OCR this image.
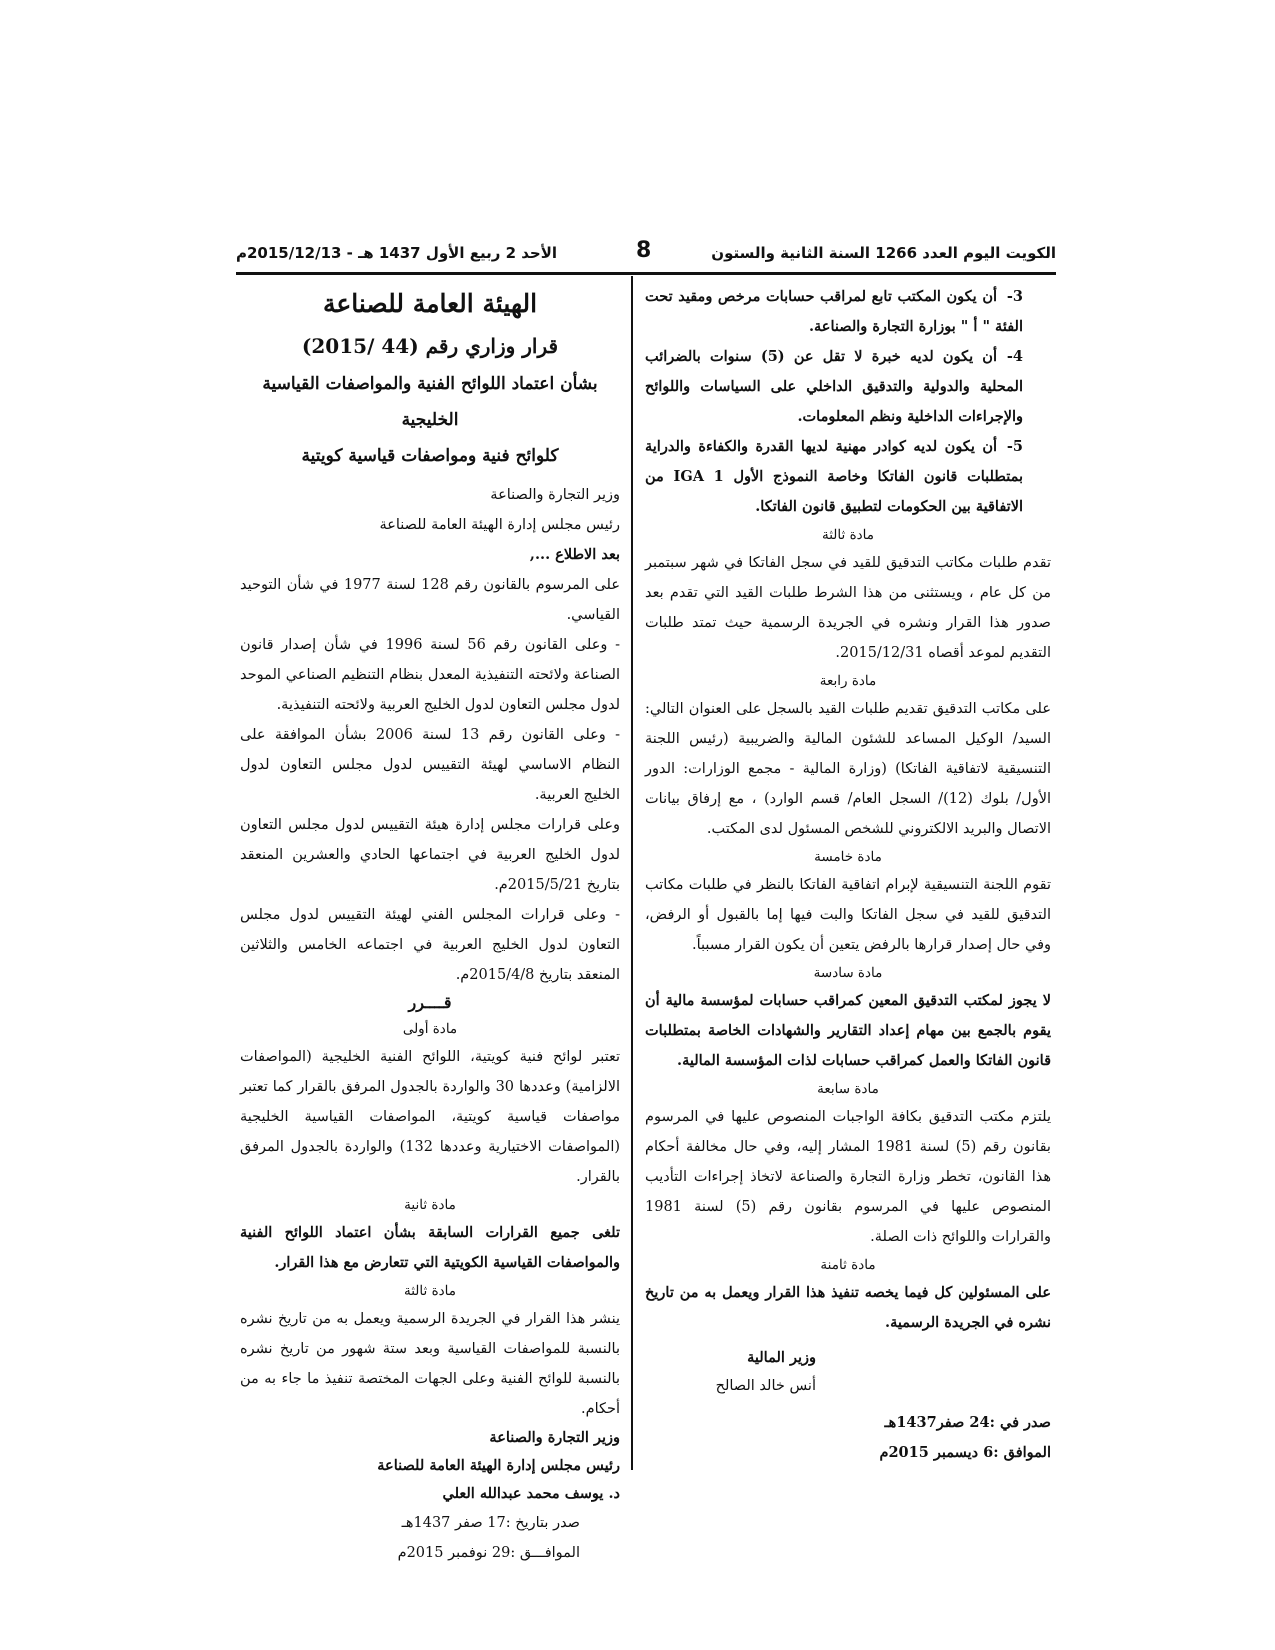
الأحد 2 ربيع الأول 1437 هـ - 2015/12/13م	8	الكويت اليوم العدد 1266 السنة الثانية والستون

3-أن يكون المكتب تابع لمراقب حسابات مرخص ومقيد تحت الفئة " أ " بوزارة التجارة والصناعة.

4-أن يكون لديه خبرة لا تقل عن (5) سنوات بالضرائب المحلية والدولية والتدقيق الداخلي على السياسات واللوائح والإجراءات الداخلية ونظم المعلومات.

5-أن يكون لديه كوادر مهنية لديها القدرة والكفاءة والدراية بمتطلبات قانون الفاتكا وخاصة النموذج الأول IGA 1 من الاتفاقية بين الحكومات لتطبيق قانون الفاتكا.

مادة ثالثة

تقدم طلبات مكاتب التدقيق للقيد في سجل الفاتكا في شهر سبتمبر من كل عام ، ويستثنى من هذا الشرط طلبات القيد التي تقدم بعد صدور هذا القرار ونشره في الجريدة الرسمية حيث تمتد طلبات التقديم لموعد أقصاه 2015/12/31.

مادة رابعة

على مكاتب التدقيق تقديم طلبات القيد بالسجل على العنوان التالي: السيد/ الوكيل المساعد للشئون المالية والضريبية (رئيس اللجنة التنسيقية لاتفاقية الفاتكا) (وزارة المالية - مجمع الوزارات: الدور الأول/ بلوك (12)/ السجل العام/ قسم الوارد) ، مع إرفاق بيانات الاتصال والبريد الالكتروني للشخص المسئول لدى المكتب.

مادة خامسة

تقوم اللجنة التنسيقية لإبرام اتفاقية الفاتكا بالنظر في طلبات مكاتب التدقيق للقيد في سجل الفاتكا والبت فيها إما بالقبول أو الرفض، وفي حال إصدار قرارها بالرفض يتعين أن يكون القرار مسبباً.

مادة سادسة

لا يجوز لمكتب التدقيق المعين كمراقب حسابات لمؤسسة مالية أن يقوم بالجمع بين مهام إعداد التقارير والشهادات الخاصة بمتطلبات قانون الفاتكا والعمل كمراقب حسابات لذات المؤسسة المالية.

مادة سابعة

يلتزم مكتب التدقيق بكافة الواجبات المنصوص عليها في المرسوم بقانون رقم (5) لسنة 1981 المشار إليه، وفي حال مخالفة أحكام هذا القانون، تخطر وزارة التجارة والصناعة لاتخاذ إجراءات التأديب المنصوص عليها في المرسوم بقانون رقم (5) لسنة 1981 والقرارات واللوائح ذات الصلة.

مادة ثامنة

على المسئولين كل فيما يخصه تنفيذ هذا القرار ويعمل به من تاريخ نشره في الجريدة الرسمية.

وزير المالية

أنس خالد الصالح

صدر في :24 صفر1437هـ

الموافق :6 ديسمبر 2015م

الهيئة العامة للصناعة

قرار وزاري رقم (44 /2015)

بشأن اعتماد اللوائح الفنية والمواصفات القياسية الخليجية

كلوائح فنية ومواصفات قياسية كويتية

وزير التجارة والصناعة

رئيس مجلس إدارة الهيئة العامة للصناعة

بعد الاطلاع ...,

على المرسوم بالقانون رقم 128 لسنة 1977 في شأن التوحيد القياسي.

- وعلى القانون رقم 56 لسنة 1996 في شأن إصدار قانون الصناعة ولائحته التنفيذية المعدل بنظام التنظيم الصناعي الموحد لدول مجلس التعاون لدول الخليج العربية ولائحته التنفيذية.

- وعلى القانون رقم 13 لسنة 2006 بشأن الموافقة على النظام الاساسي لهيئة التقييس لدول مجلس التعاون لدول الخليج العربية.

وعلى قرارات مجلس إدارة هيئة التقييس لدول مجلس التعاون لدول الخليج العربية في اجتماعها الحادي والعشرين المنعقد بتاريخ 2015/5/21م.

- وعلى قرارات المجلس الفني لهيئة التقييس لدول مجلس التعاون لدول الخليج العربية في اجتماعه الخامس والثلاثين المنعقد بتاريخ 2015/4/8م.

قــــرر

مادة أولى

تعتبر لوائح فنية كويتية، اللوائح الفنية الخليجية (المواصفات الالزامية) وعددها 30 والواردة بالجدول المرفق بالقرار كما تعتبر مواصفات قياسية كويتية، المواصفات القياسية الخليجية (المواصفات الاختيارية وعددها 132) والواردة بالجدول المرفق بالقرار.

مادة ثانية

تلغى جميع القرارات السابقة بشأن اعتماد اللوائح الفنية والمواصفات القياسية الكويتية التي تتعارض مع هذا القرار.

مادة ثالثة

ينشر هذا القرار في الجريدة الرسمية ويعمل به من تاريخ نشره بالنسبة للمواصفات القياسية وبعد ستة شهور من تاريخ نشره بالنسبة للوائح الفنية وعلى الجهات المختصة تنفيذ ما جاء به من أحكام.

وزير التجارة والصناعة

رئيس مجلس إدارة الهيئة العامة للصناعة

د. يوسف محمد عبدالله العلي

صدر بتاريخ :17 صفر 1437هـ

الموافـــق :29 نوفمبر 2015م
